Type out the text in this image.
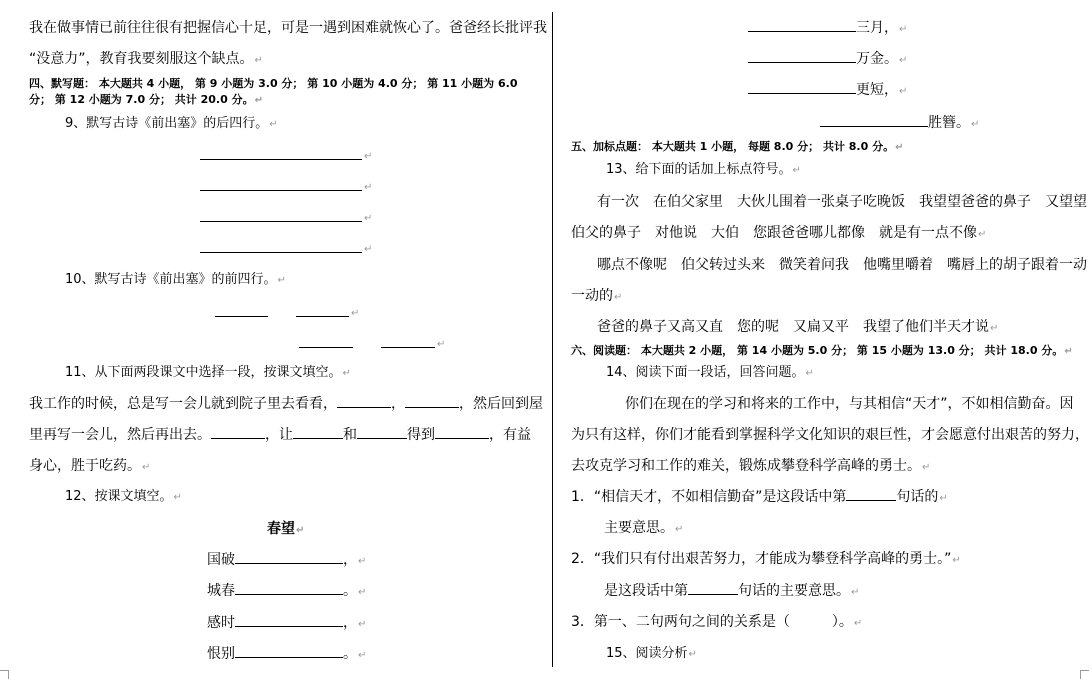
我在做事情已前往往很有把握信心十足，可是一遇到困难就恢心了。爸爸经长批评我
“没意力”，教育我要刻服这个缺点。↵
四、默写题： 本大题共 4 小题， 第 9 小题为 3.0 分； 第 10 小题为 4.0 分； 第 11 小题为 6.0
分； 第 12 小题为 7.0 分； 共计 20.0 分。↵
9、默写古诗《前出塞》的后四行。↵
↵
↵
↵
↵
10、默写古诗《前出塞》的前四行。↵
↵
↵
11、从下面两段课文中选择一段，按课文填空。↵
我工作的时候，总是写一会儿就到院子里去看看，	，	，然后回到屋
里再写一会儿，然后再出去。	，让	和	得到	，有益
身心，胜于吃药。↵
12、按课文填空。↵
春望↵
国破	，↵
城春	。↵
感时	，↵
恨别	。↵
三月，↵
万金。↵
更短，↵
胜簪。↵
五、加标点题： 本大题共 1 小题， 每题 8.0 分； 共计 8.0 分。↵
13、给下面的话加上标点符号。↵
有一次　在伯父家里　大伙儿围着一张桌子吃晚饭　我望望爸爸的鼻子　又望望
伯父的鼻子　对他说　大伯　您跟爸爸哪儿都像　就是有一点不像↵
哪点不像呢　伯父转过头来　微笑着问我　他嘴里嚼着　嘴唇上的胡子跟着一动
一动的↵
爸爸的鼻子又高又直　您的呢　又扁又平　我望了他们半天才说↵
六、阅读题： 本大题共 2 小题， 第 14 小题为 5.0 分； 第 15 小题为 13.0 分； 共计 18.0 分。↵
14、阅读下面一段话，回答问题。↵
你们在现在的学习和将来的工作中，与其相信“天才”，不如相信勤奋。因
为只有这样，你们才能看到掌握科学文化知识的艰巨性，才会愿意付出艰苦的努力，
去攻克学习和工作的难关，锻炼成攀登科学高峰的勇士。↵
1．“相信天才，不如相信勤奋”是这段话中第	句话的↵
主要意思。↵
2．“我们只有付出艰苦努力，才能成为攀登科学高峰的勇士。”↵
是这段话中第	句话的主要意思。↵
3．第一、二句两句之间的关系是（　　　）。↵
15、阅读分析↵
